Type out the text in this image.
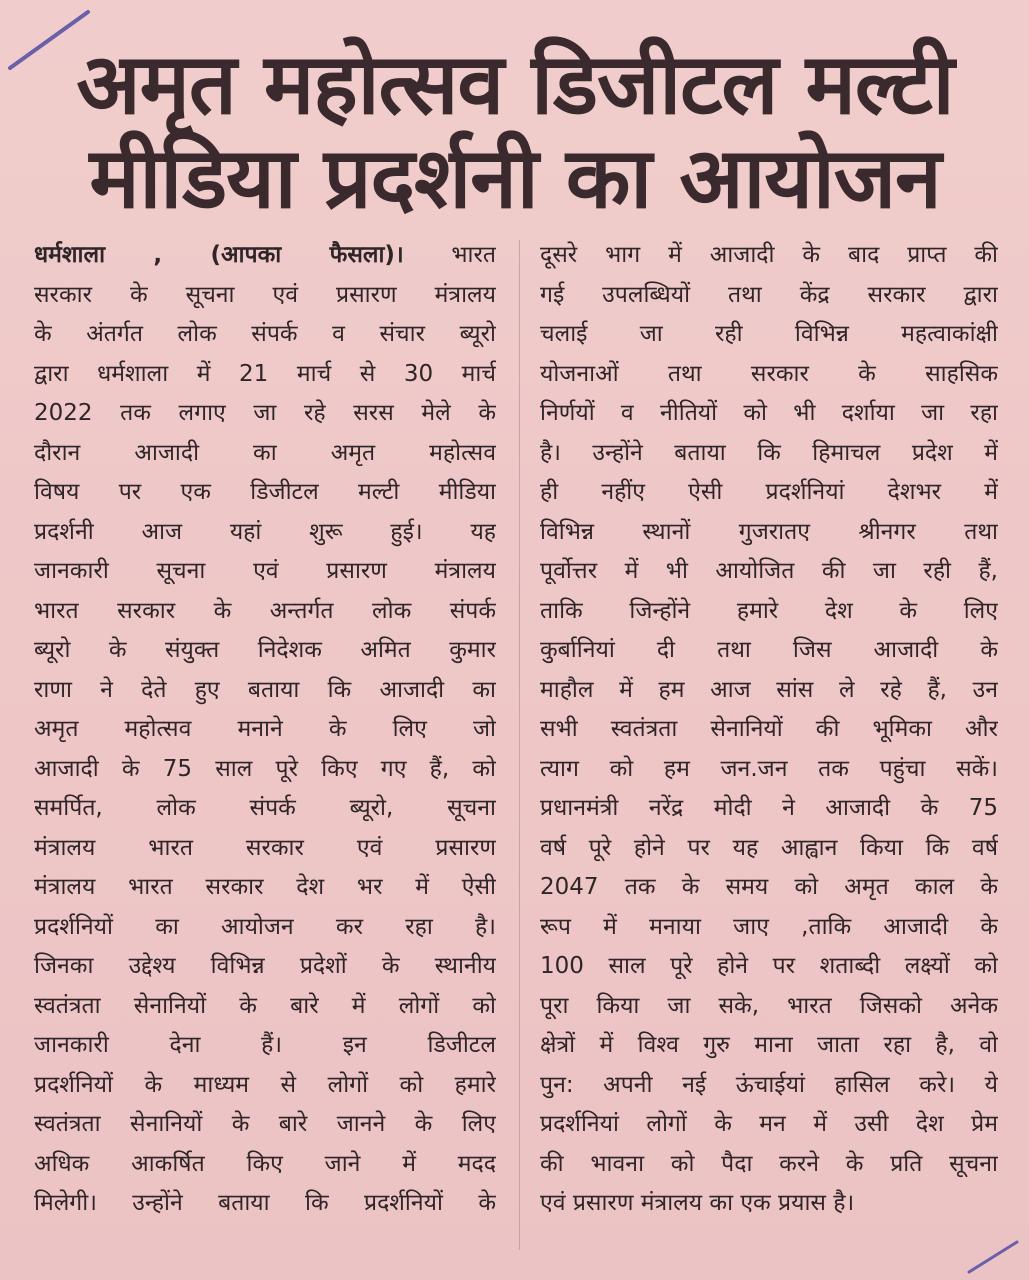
अमृत महोत्सव डिजीटल मल्टी
मीडिया प्रदर्शनी का आयोजन
धर्मशाला , (आपका फैसला)। भारत
सरकार के सूचना एवं प्रसारण मंत्रालय
के अंतर्गत लोक संपर्क व संचार ब्यूरो
द्वारा धर्मशाला में 21 मार्च से 30 मार्च
2022 तक लगाए जा रहे सरस मेले के
दौरान आजादी का अमृत महोत्सव
विषय पर एक डिजीटल मल्टी मीडिया
प्रदर्शनी आज यहां शुरू हुई। यह
जानकारी सूचना एवं प्रसारण मंत्रालय
भारत सरकार के अन्तर्गत लोक संपर्क
ब्यूरो के संयुक्त निदेशक अमित कुमार
राणा ने देते हुए बताया कि आजादी का
अमृत महोत्सव मनाने के लिए जो
आजादी के 75 साल पूरे किए गए हैं, को
समर्पित, लोक संपर्क ब्यूरो, सूचना
मंत्रालय भारत सरकार एवं प्रसारण
मंत्रालय भारत सरकार देश भर में ऐसी
प्रदर्शनियों का आयोजन कर रहा है।
जिनका उद्देश्य विभिन्न प्रदेशों के स्थानीय
स्वतंत्रता सेनानियों के बारे में लोगों को
जानकारी देना हैं। इन डिजीटल
प्रदर्शनियों के माध्यम से लोगों को हमारे
स्वतंत्रता सेनानियों के बारे जानने के लिए
अधिक आकर्षित किए जाने में मदद
मिलेगी। उन्होंने बताया कि प्रदर्शनियों के
दूसरे भाग में आजादी के बाद प्राप्त की
गई उपलब्धियों तथा केंद्र सरकार द्वारा
चलाई जा रही विभिन्न महत्वाकांक्षी
योजनाओं तथा सरकार के साहसिक
निर्णयों व नीतियों को भी दर्शाया जा रहा
है। उन्होंने बताया कि हिमाचल प्रदेश में
ही नहींए ऐसी प्रदर्शनियां देशभर में
विभिन्न स्थानों गुजरातए श्रीनगर तथा
पूर्वोत्तर में भी आयोजित की जा रही हैं,
ताकि जिन्होंने हमारे देश के लिए
कुर्बानियां दी तथा जिस आजादी के
माहौल में हम आज सांस ले रहे हैं, उन
सभी स्वतंत्रता सेनानियों की भूमिका और
त्याग को हम जन.जन तक पहुंचा सकें।
प्रधानमंत्री नरेंद्र मोदी ने आजादी के 75
वर्ष पूरे होने पर यह आह्वान किया कि वर्ष
2047 तक के समय को अमृत काल के
रूप में मनाया जाए ,ताकि आजादी के
100 साल पूरे होने पर शताब्दी लक्ष्यों को
पूरा किया जा सके, भारत जिसको अनेक
क्षेत्रों में विश्व गुरु माना जाता रहा है, वो
पुन: अपनी नई ऊंचाईयां हासिल करे। ये
प्रदर्शनियां लोगों के मन में उसी देश प्रेम
की भावना को पैदा करने के प्रति सूचना
एवं प्रसारण मंत्रालय का एक प्रयास है।
